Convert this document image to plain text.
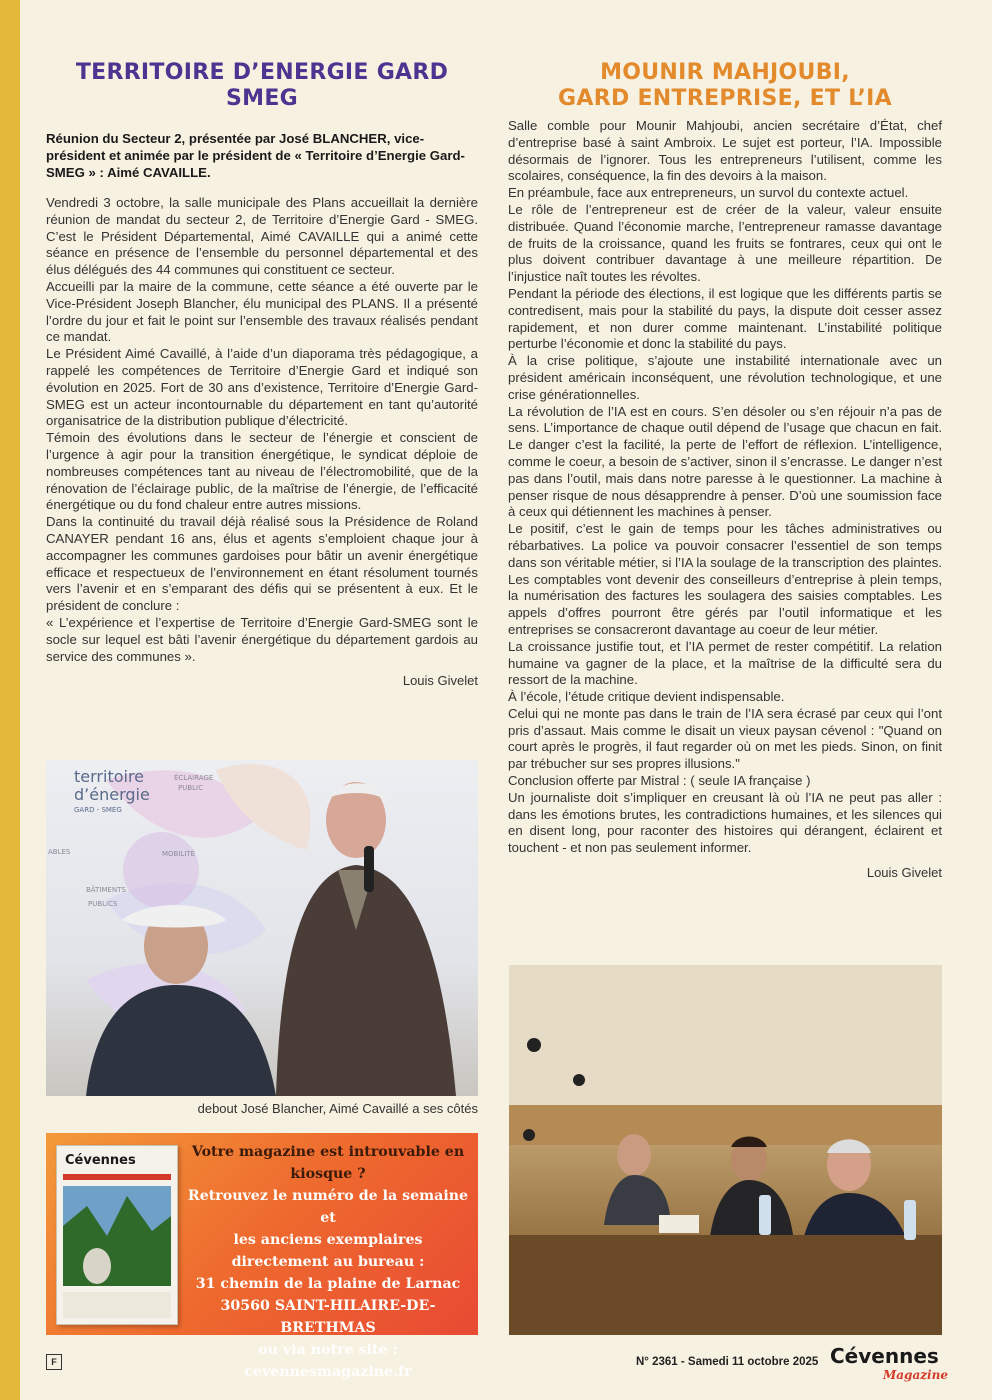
TERRITOIRE D’ENERGIE GARD SMEG

Réunion du Secteur 2, présentée par José BLANCHER, vice-président et animée par le président de « Territoire d’Energie Gard-SMEG » : Aimé CAVAILLE.

Vendredi 3 octobre, la salle municipale des Plans accueillait la dernière réunion de mandat du secteur 2, de Territoire d’Energie Gard - SMEG. C’est le Président Départemental, Aimé CAVAILLE qui a animé cette séance en présence de l’ensemble du personnel départemental et des élus délégués des 44 communes qui constituent ce secteur.

Accueilli par la maire de la commune, cette séance a été ouverte par le Vice-Président Joseph Blancher, élu municipal des PLANS. Il a présenté l’ordre du jour et fait le point sur l’ensemble des travaux réalisés pendant ce mandat.

Le Président Aimé Cavaillé, à l’aide d’un diaporama très pédagogique, a rappelé les compétences de Territoire d’Energie Gard et indiqué son évolution en 2025. Fort de 30 ans d’existence, Territoire d’Energie Gard-SMEG est un acteur incontournable du département en tant qu’autorité organisatrice de la distribution publique d’électricité.

Témoin des évolutions dans le secteur de l’énergie et conscient de l’urgence à agir pour la transition énergétique, le syndicat déploie de nombreuses compétences tant au niveau de l’électromobilité, que de la rénovation de l’éclairage public, de la maîtrise de l’énergie, de l’efficacité énergétique ou du fond chaleur entre autres missions.

Dans la continuité du travail déjà réalisé sous la Présidence de Roland CANAYER pendant 16 ans, élus et agents s’emploient chaque jour à accompagner les communes gardoises pour bâtir un avenir énergétique efficace et respectueux de l’environnement en étant résolument tournés vers l’avenir et en s’emparant des défis qui se présentent à eux. Et le président de conclure :

« L’expérience et l’expertise de Territoire d’Energie Gard-SMEG sont le socle sur lequel est bâti l’avenir énergétique du département gardois au service des communes ».

Louis Givelet
territoire
d’énergie
GARD - SMEG
ÉCLAIRAGE
PUBLIC
MOBILITÉ
BÂTIMENTS
PUBLICS
ABLES
debout José Blancher, Aimé Cavaillé a ses côtés
Cévennes
Votre magazine est introuvable en
kiosque ?
Retrouvez le numéro de la semaine et
les anciens exemplaires
directement au bureau :
31 chemin de la plaine de Larnac
30560 SAINT-HILAIRE-DE-BRETHMAS
ou via notre site :
cevennesmagazine.fr
MOUNIR MAHJOUBI,
GARD ENTREPRISE, ET L’IA

Salle comble pour Mounir Mahjoubi, ancien secrétaire d’État, chef d’entreprise basé à saint Ambroix. Le sujet est porteur, l’IA. Impossible désormais de l’ignorer. Tous les entrepreneurs l’utilisent, comme les scolaires, conséquence, la fin des devoirs à la maison.

En préambule, face aux entrepreneurs, un survol du contexte actuel.

Le rôle de l’entrepreneur est de créer de la valeur, valeur ensuite distribuée. Quand l’économie marche, l’entrepreneur ramasse davantage de fruits de la croissance, quand les fruits se fontrares, ceux qui ont le plus doivent contribuer davantage à une meilleure répartition. De l’injustice naît toutes les révoltes.

Pendant la période des élections, il est logique que les différents partis se contredisent, mais pour la stabilité du pays, la dispute doit cesser assez rapidement, et non durer comme maintenant. L’instabilité politique perturbe l’économie et donc la stabilité du pays.

À la crise politique, s’ajoute une instabilité internationale avec un président américain inconséquent, une révolution technologique, et une crise générationnelles.

La révolution de l’IA est en cours. S’en désoler ou s’en réjouir n’a pas de sens. L’importance de chaque outil dépend de l’usage que chacun en fait. Le danger c’est la facilité, la perte de l’effort de réflexion. L’intelligence, comme le coeur, a besoin de s’activer, sinon il s’encrasse. Le danger n’est pas dans l’outil, mais dans notre paresse à le questionner. La machine à penser risque de nous désapprendre à penser. D’où une soumission face à ceux qui détiennent les machines à penser.

Le positif, c’est le gain de temps pour les tâches administratives ou rébarbatives. La police va pouvoir consacrer l’essentiel de son temps dans son véritable métier, si l’IA la soulage de la transcription des plaintes.

Les comptables vont devenir des conseilleurs d’entreprise à plein temps, la numérisation des factures les soulagera des saisies comptables. Les appels d’offres pourront être gérés par l’outil informatique et les entreprises se consacreront davantage au coeur de leur métier.

La croissance justifie tout, et l’IA permet de rester compétitif. La relation humaine va gagner de la place, et la maîtrise de la difficulté sera du ressort de la machine.

À l’école, l’étude critique devient indispensable.

Celui qui ne monte pas dans le train de l’IA sera écrasé par ceux qui l’ont pris d’assaut. Mais comme le disait un vieux paysan cévenol : "Quand on court après le progrès, il faut regarder où on met les pieds. Sinon, on finit par trébucher sur ses propres illusions."

Conclusion offerte par Mistral : ( seule IA française )

Un journaliste doit s’impliquer en creusant là où l’IA ne peut pas aller : dans les émotions brutes, les contradictions humaines, et les silences qui en disent long, pour raconter des histoires qui dérangent, éclairent et touchent - et non pas seulement informer.

Louis Givelet
F	N° 2361 - Samedi 11 octobre 2025 Cévennes
Magazine
